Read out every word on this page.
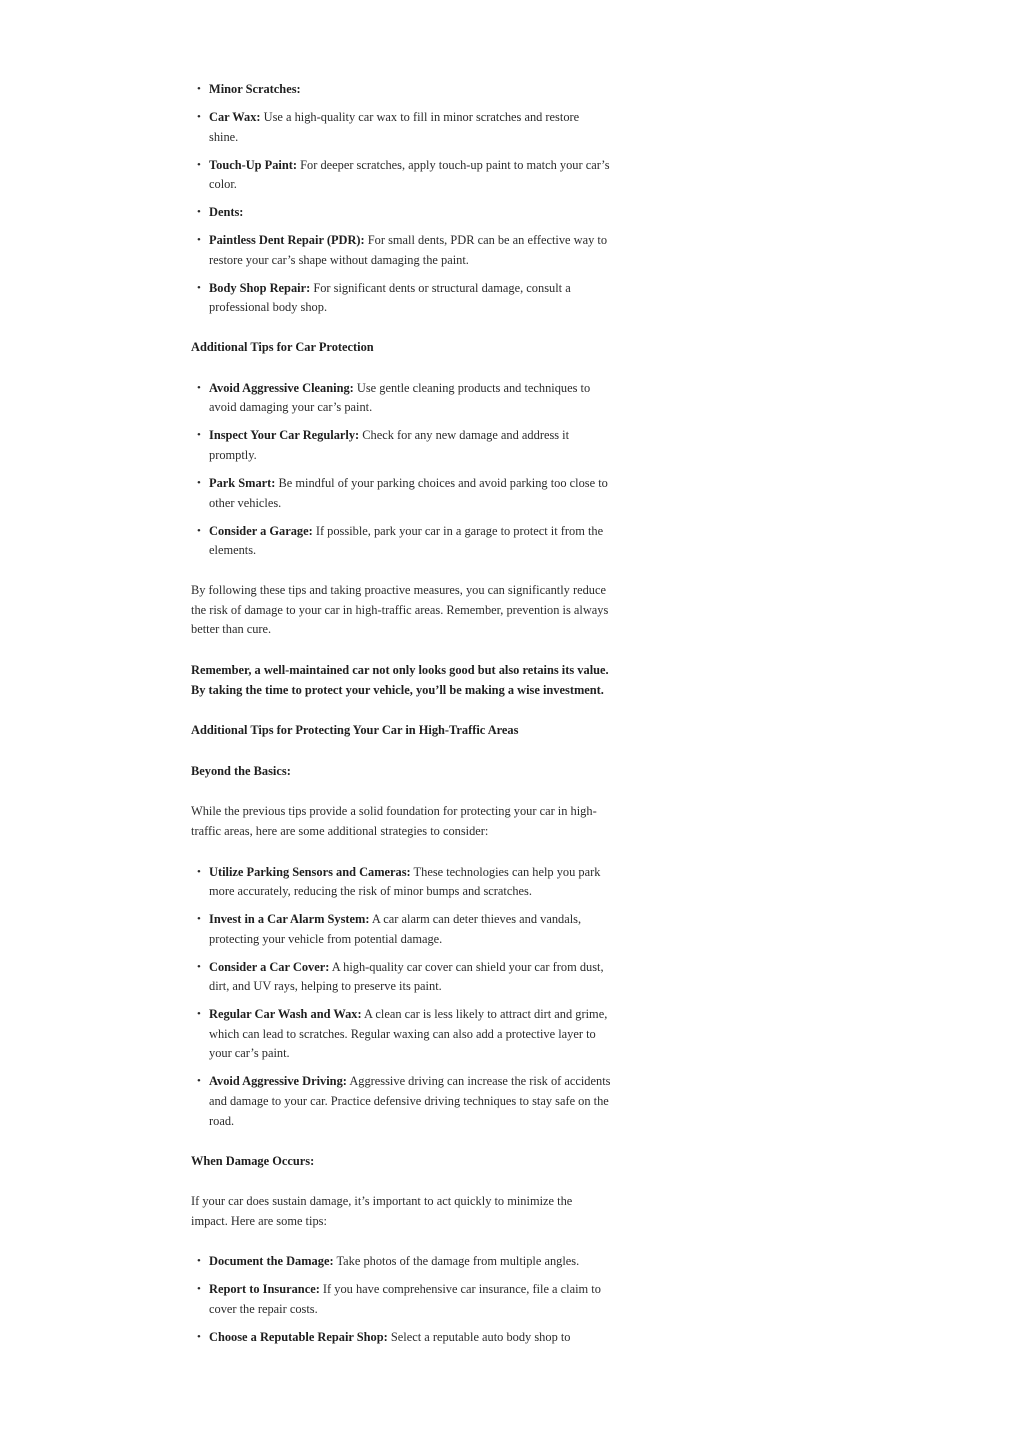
• Minor Scratches:
• Car Wax: Use a high-quality car wax to fill in minor scratches and restore shine.
• Touch-Up Paint: For deeper scratches, apply touch-up paint to match your car’s color.
• Dents:
• Paintless Dent Repair (PDR): For small dents, PDR can be an effective way to restore your car’s shape without damaging the paint.
• Body Shop Repair: For significant dents or structural damage, consult a professional body shop.

Additional Tips for Car Protection

• Avoid Aggressive Cleaning: Use gentle cleaning products and techniques to avoid damaging your car’s paint.
• Inspect Your Car Regularly: Check for any new damage and address it promptly.
• Park Smart: Be mindful of your parking choices and avoid parking too close to other vehicles.
• Consider a Garage: If possible, park your car in a garage to protect it from the elements.

By following these tips and taking proactive measures, you can significantly reduce the risk of damage to your car in high-traffic areas. Remember, prevention is always better than cure.

Remember, a well-maintained car not only looks good but also retains its value. By taking the time to protect your vehicle, you’ll be making a wise investment.

Additional Tips for Protecting Your Car in High-Traffic Areas

Beyond the Basics:

While the previous tips provide a solid foundation for protecting your car in high-traffic areas, here are some additional strategies to consider:

• Utilize Parking Sensors and Cameras: These technologies can help you park more accurately, reducing the risk of minor bumps and scratches.
• Invest in a Car Alarm System: A car alarm can deter thieves and vandals, protecting your vehicle from potential damage.
• Consider a Car Cover: A high-quality car cover can shield your car from dust, dirt, and UV rays, helping to preserve its paint.
• Regular Car Wash and Wax: A clean car is less likely to attract dirt and grime, which can lead to scratches. Regular waxing can also add a protective layer to your car’s paint.
• Avoid Aggressive Driving: Aggressive driving can increase the risk of accidents and damage to your car. Practice defensive driving techniques to stay safe on the road.

When Damage Occurs:

If your car does sustain damage, it’s important to act quickly to minimize the impact. Here are some tips:

• Document the Damage: Take photos of the damage from multiple angles.
• Report to Insurance: If you have comprehensive car insurance, file a claim to cover the repair costs.
• Choose a Reputable Repair Shop: Select a reputable auto body shop to
